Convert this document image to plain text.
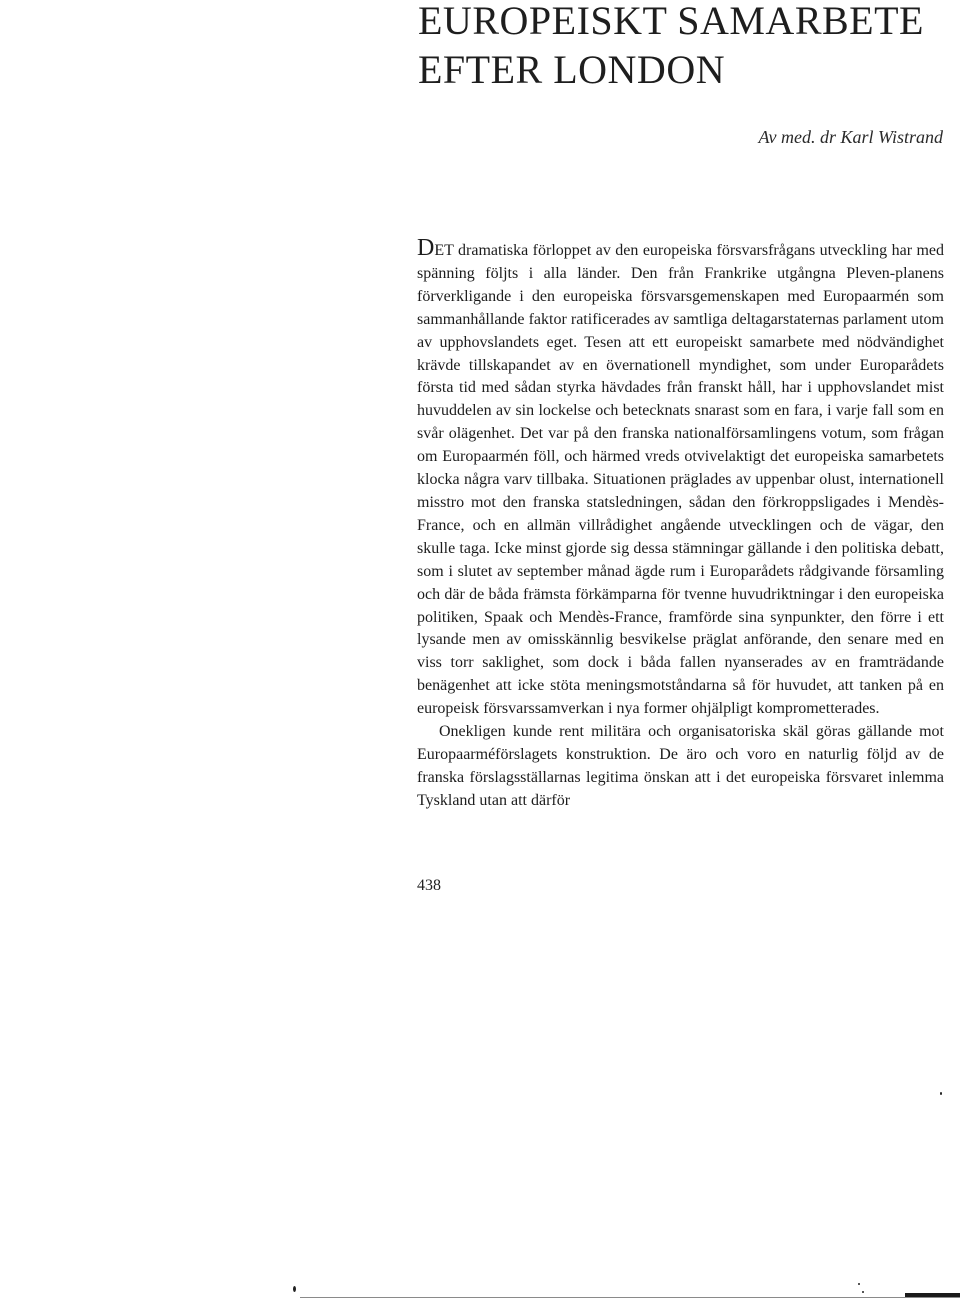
EUROPEISKT SAMARBETE
EFTER LONDON
Av med. dr Karl Wistrand

DET dramatiska förloppet av den europeiska försvarsfrågans utveckling har med spänning följts i alla länder. Den från Frankrike utgångna Pleven-planens förverkligande i den europeiska försvarsgemenskapen med Europaarmén som sammanhållande faktor ratificerades av samtliga deltagarstaternas parlament utom av upphovslandets eget. Tesen att ett europeiskt samarbete med nödvändighet krävde tillskapandet av en övernationell myndighet, som under Europarådets första tid med sådan styrka hävdades från franskt håll, har i upphovslandet mist huvuddelen av sin lockelse och betecknats snarast som en fara, i varje fall som en svår olägenhet. Det var på den franska nationalförsamlingens votum, som frågan om Europaarmén föll, och härmed vreds otvivelaktigt det europeiska samarbetets klocka några varv tillbaka. Situationen präglades av uppenbar olust, internationell misstro mot den franska statsledningen, sådan den förkroppsligades i Mendès-France, och en allmän villrådighet angående utvecklingen och de vägar, den skulle taga. Icke minst gjorde sig dessa stämningar gällande i den politiska debatt, som i slutet av september månad ägde rum i Europarådets rådgivande församling och där de båda främsta förkämparna för tvenne huvudriktningar i den europeiska politiken, Spaak och Mendès-France, framförde sina synpunkter, den förre i ett lysande men av omisskännlig besvikelse präglat anförande, den senare med en viss torr saklighet, som dock i båda fallen nyanserades av en framträdande benägenhet att icke stöta meningsmotståndarna så för huvudet, att tanken på en europeisk försvarssamverkan i nya former ohjälpligt komprometterades.

Onekligen kunde rent militära och organisatoriska skäl göras gällande mot Europaarméförslagets konstruktion. De äro och voro en naturlig följd av de franska förslagsställarnas legitima önskan att i det europeiska försvaret inlemma Tyskland utan att därför

438
